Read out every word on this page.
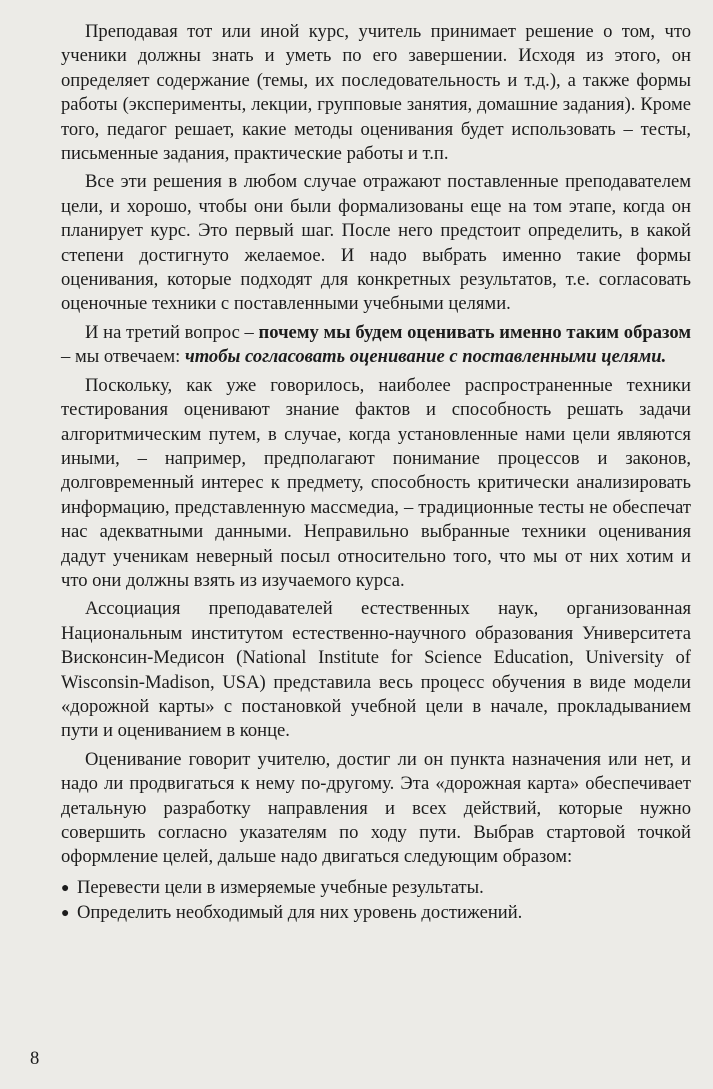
Преподавая тот или иной курс, учитель принимает решение о том, что ученики должны знать и уметь по его завершении. Исходя из этого, он определяет содержание (темы, их последовательность и т.д.), а также формы работы (эксперименты, лекции, групповые занятия, домашние задания). Кроме того, педагог решает, какие методы оценивания будет использовать – тесты, письменные задания, практические работы и т.п.

Все эти решения в любом случае отражают поставленные преподавателем цели, и хорошо, чтобы они были формализованы еще на том этапе, когда он планирует курс. Это первый шаг. После него предстоит определить, в какой степени достигнуто желаемое. И надо выбрать именно такие формы оценивания, которые подходят для конкретных результатов, т.е. согласовать оценочные техники с поставленными учебными целями.

И на третий вопрос – почему мы будем оценивать именно таким образом – мы отвечаем: чтобы согласовать оценивание с поставленными целями.

Поскольку, как уже говорилось, наиболее распространенные техники тестирования оценивают знание фактов и способность решать задачи алгоритмическим путем, в случае, когда установленные нами цели являются иными, – например, предполагают понимание процессов и законов, долговременный интерес к предмету, способность критически анализировать информацию, представленную массмедиа, – традиционные тесты не обеспечат нас адекватными данными. Неправильно выбранные техники оценивания дадут ученикам неверный посыл относительно того, что мы от них хотим и что они должны взять из изучаемого курса.

Ассоциация преподавателей естественных наук, организованная Национальным институтом естественно-научного образования Университета Висконсин-Медисон (National Institute for Science Education, University of Wisconsin-Madison, USA) представила весь процесс обучения в виде модели «дорожной карты» с постановкой учебной цели в начале, прокладыванием пути и оцениванием в конце.

Оценивание говорит учителю, достиг ли он пункта назначения или нет, и надо ли продвигаться к нему по-другому. Эта «дорожная карта» обеспечивает детальную разработку направления и всех действий, которые нужно совершить согласно указателям по ходу пути. Выбрав стартовой точкой оформление целей, дальше надо двигаться следующим образом:

● Перевести цели в измеряемые учебные результаты.
● Определить необходимый для них уровень достижений.
8
